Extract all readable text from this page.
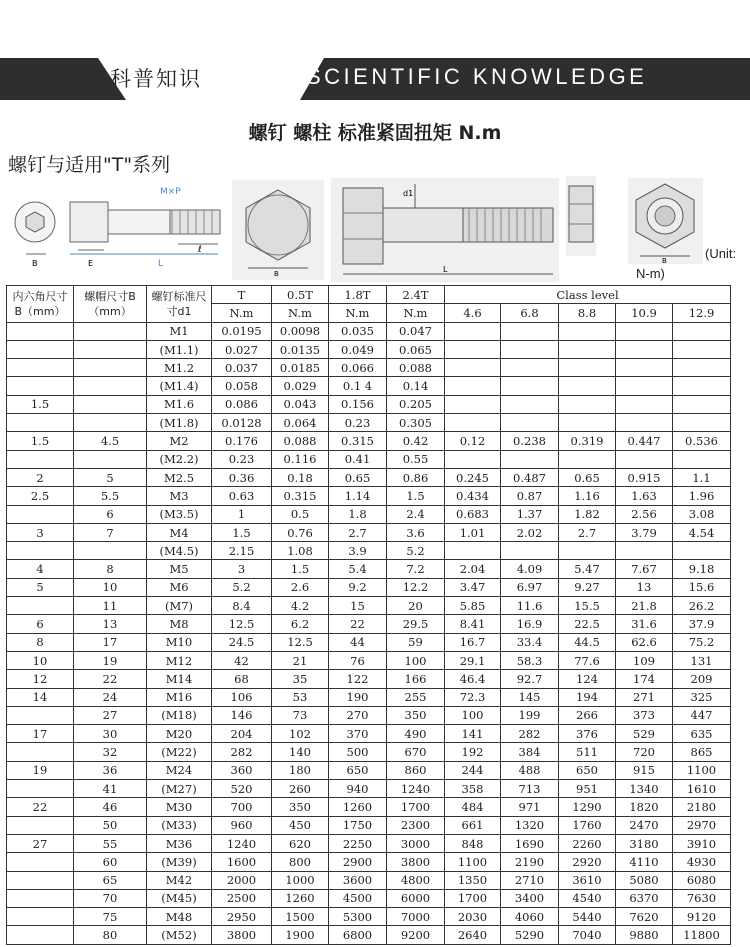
科普知识	SCIENTIFIC KNOWLEDGE
螺钉 螺柱 标准紧固扭矩 N.m
螺钉与适用"T"系列
M×P
B	E	L
ℓ
B
d1
L
B	(Unit:
N-m)
内六角尺寸B（mm）	螺帽尺寸B（mm）	螺钉标准尺寸d1	T	0.5T	1.8T	2.4T	Class level				
			N.m	N.m	N.m	N.m	4.6	6.8	8.8	10.9	12.9
		M1	0.0195	0.0098	0.035	0.047					
		(M1.1)	0.027	0.0135	0.049	0.065					
		M1.2	0.037	0.0185	0.066	0.088					
		(M1.4)	0.058	0.029	0.1 4	0.14					
1.5		M1.6	0.086	0.043	0.156	0.205					
		(M1.8)	0.0128	0.064	0.23	0.305					
1.5	4.5	M2	0.176	0.088	0.315	0.42	0.12	0.238	0.319	0.447	0.536
		(M2.2)	0.23	0.116	0.41	0.55					
2	5	M2.5	0.36	0.18	0.65	0.86	0.245	0.487	0.65	0.915	1.1
2.5	5.5	M3	0.63	0.315	1.14	1.5	0.434	0.87	1.16	1.63	1.96
	6	(M3.5)	1	0.5	1.8	2.4	0.683	1.37	1.82	2.56	3.08
3	7	M4	1.5	0.76	2.7	3.6	1.01	2.02	2.7	3.79	4.54
		(M4.5)	2.15	1.08	3.9	5.2					
4	8	M5	3	1.5	5.4	7.2	2.04	4.09	5.47	7.67	9.18
5	10	M6	5.2	2.6	9.2	12.2	3.47	6.97	9.27	13	15.6
	11	(M7)	8.4	4.2	15	20	5.85	11.6	15.5	21.8	26.2
6	13	M8	12.5	6.2	22	29.5	8.41	16.9	22.5	31.6	37.9
8	17	M10	24.5	12.5	44	59	16.7	33.4	44.5	62.6	75.2
10	19	M12	42	21	76	100	29.1	58.3	77.6	109	131
12	22	M14	68	35	122	166	46.4	92.7	124	174	209
14	24	M16	106	53	190	255	72.3	145	194	271	325
	27	(M18)	146	73	270	350	100	199	266	373	447
17	30	M20	204	102	370	490	141	282	376	529	635
	32	(M22)	282	140	500	670	192	384	511	720	865
19	36	M24	360	180	650	860	244	488	650	915	1100
	41	(M27)	520	260	940	1240	358	713	951	1340	1610
22	46	M30	700	350	1260	1700	484	971	1290	1820	2180
	50	(M33)	960	450	1750	2300	661	1320	1760	2470	2970
27	55	M36	1240	620	2250	3000	848	1690	2260	3180	3910
	60	(M39)	1600	800	2900	3800	1100	2190	2920	4110	4930
	65	M42	2000	1000	3600	4800	1350	2710	3610	5080	6080
	70	(M45)	2500	1260	4500	6000	1700	3400	4540	6370	7630
	75	M48	2950	1500	5300	7000	2030	4060	5440	7620	9120
	80	(M52)	3800	1900	6800	9200	2640	5290	7040	9880	11800
